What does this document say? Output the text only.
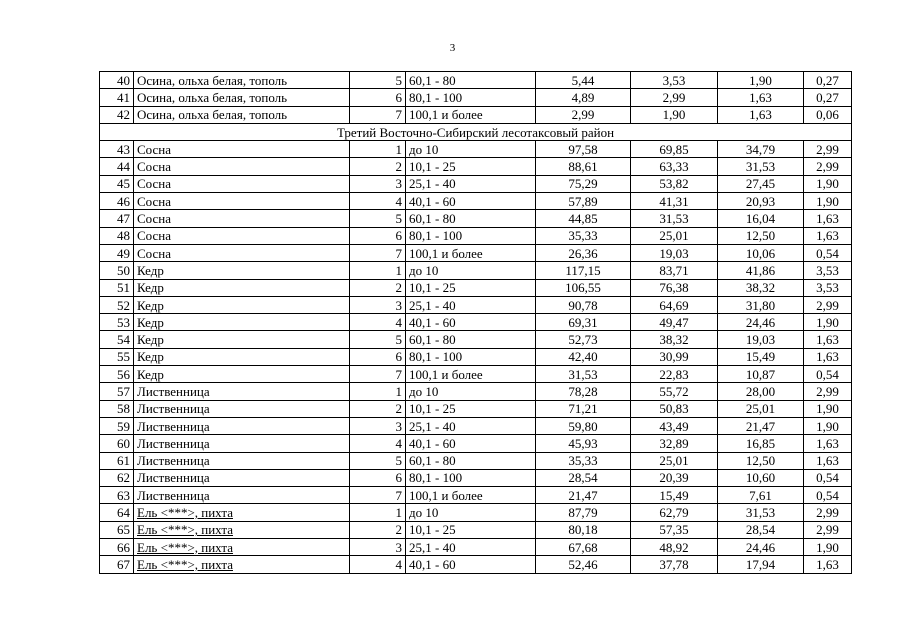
3
40	Осина, ольха белая, тополь	5	60,1 - 80	5,44	3,53	1,90	0,27
41	Осина, ольха белая, тополь	6	80,1 - 100	4,89	2,99	1,63	0,27
42	Осина, ольха белая, тополь	7	100,1 и более	2,99	1,90	1,63	0,06
Третий Восточно-Сибирский лесотаксовый район							
43	Сосна	1	до 10	97,58	69,85	34,79	2,99
44	Сосна	2	10,1 - 25	88,61	63,33	31,53	2,99
45	Сосна	3	25,1 - 40	75,29	53,82	27,45	1,90
46	Сосна	4	40,1 - 60	57,89	41,31	20,93	1,90
47	Сосна	5	60,1 - 80	44,85	31,53	16,04	1,63
48	Сосна	6	80,1 - 100	35,33	25,01	12,50	1,63
49	Сосна	7	100,1 и более	26,36	19,03	10,06	0,54
50	Кедр	1	до 10	117,15	83,71	41,86	3,53
51	Кедр	2	10,1 - 25	106,55	76,38	38,32	3,53
52	Кедр	3	25,1 - 40	90,78	64,69	31,80	2,99
53	Кедр	4	40,1 - 60	69,31	49,47	24,46	1,90
54	Кедр	5	60,1 - 80	52,73	38,32	19,03	1,63
55	Кедр	6	80,1 - 100	42,40	30,99	15,49	1,63
56	Кедр	7	100,1 и более	31,53	22,83	10,87	0,54
57	Лиственница	1	до 10	78,28	55,72	28,00	2,99
58	Лиственница	2	10,1 - 25	71,21	50,83	25,01	1,90
59	Лиственница	3	25,1 - 40	59,80	43,49	21,47	1,90
60	Лиственница	4	40,1 - 60	45,93	32,89	16,85	1,63
61	Лиственница	5	60,1 - 80	35,33	25,01	12,50	1,63
62	Лиственница	6	80,1 - 100	28,54	20,39	10,60	0,54
63	Лиственница	7	100,1 и более	21,47	15,49	7,61	0,54
64	Ель <***>, пихта	1	до 10	87,79	62,79	31,53	2,99
65	Ель <***>, пихта	2	10,1 - 25	80,18	57,35	28,54	2,99
66	Ель <***>, пихта	3	25,1 - 40	67,68	48,92	24,46	1,90
67	Ель <***>, пихта	4	40,1 - 60	52,46	37,78	17,94	1,63
